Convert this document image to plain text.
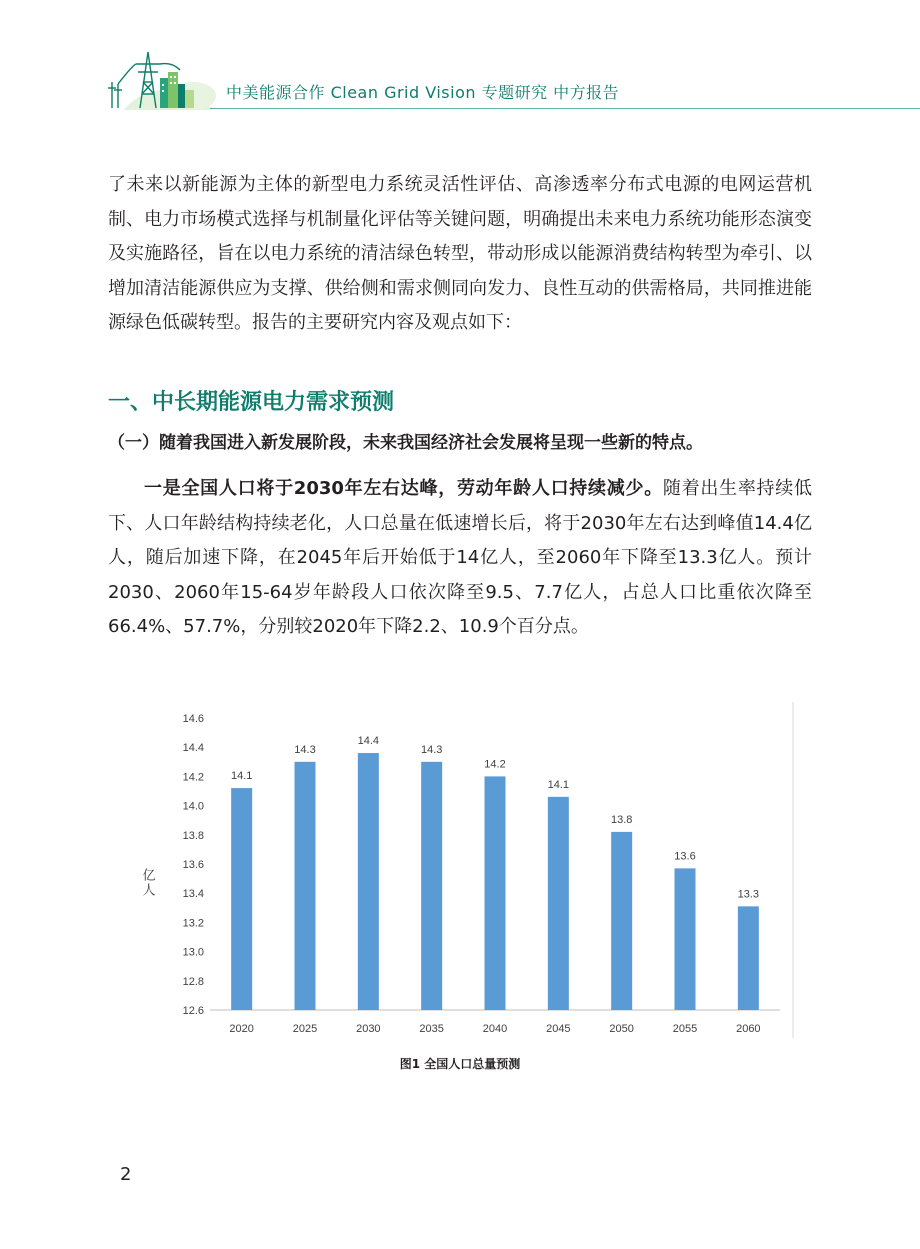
中美能源合作 Clean Grid Vision 专题研究 中方报告
了未来以新能源为主体的新型电力系统灵活性评估、高渗透率分布式电源的电网运营机制、电力市场模式选择与机制量化评估等关键问题，明确提出未来电力系统功能形态演变及实施路径，旨在以电力系统的清洁绿色转型，带动形成以能源消费结构转型为牵引、以增加清洁能源供应为支撑、供给侧和需求侧同向发力、良性互动的供需格局，共同推进能源绿色低碳转型。报告的主要研究内容及观点如下：
一、中长期能源电力需求预测
（一）随着我国进入新发展阶段，未来我国经济社会发展将呈现一些新的特点。
一是全国人口将于2030年左右达峰，劳动年龄人口持续减少。随着出生率持续低下、人口年龄结构持续老化，人口总量在低速增长后，将于2030年左右达到峰值14.4亿人，随后加速下降，在2045年后开始低于14亿人，至2060年下降至13.3亿人。预计2030、2060年15-64岁年龄段人口依次降至9.5、7.7亿人，占总人口比重依次降至66.4%、57.7%，分别较2020年下降2.2、10.9个百分点。
12.6
12.8
13.0
13.2
13.4
13.6
13.8
14.0
14.2
14.4
14.6
14.1
14.3
14.4
14.3
14.2
14.1
13.8
13.6
13.3
2020	2025	2030	2035	2040	2045	2050	2055	2060
亿人
图1 全国人口总量预测
2
